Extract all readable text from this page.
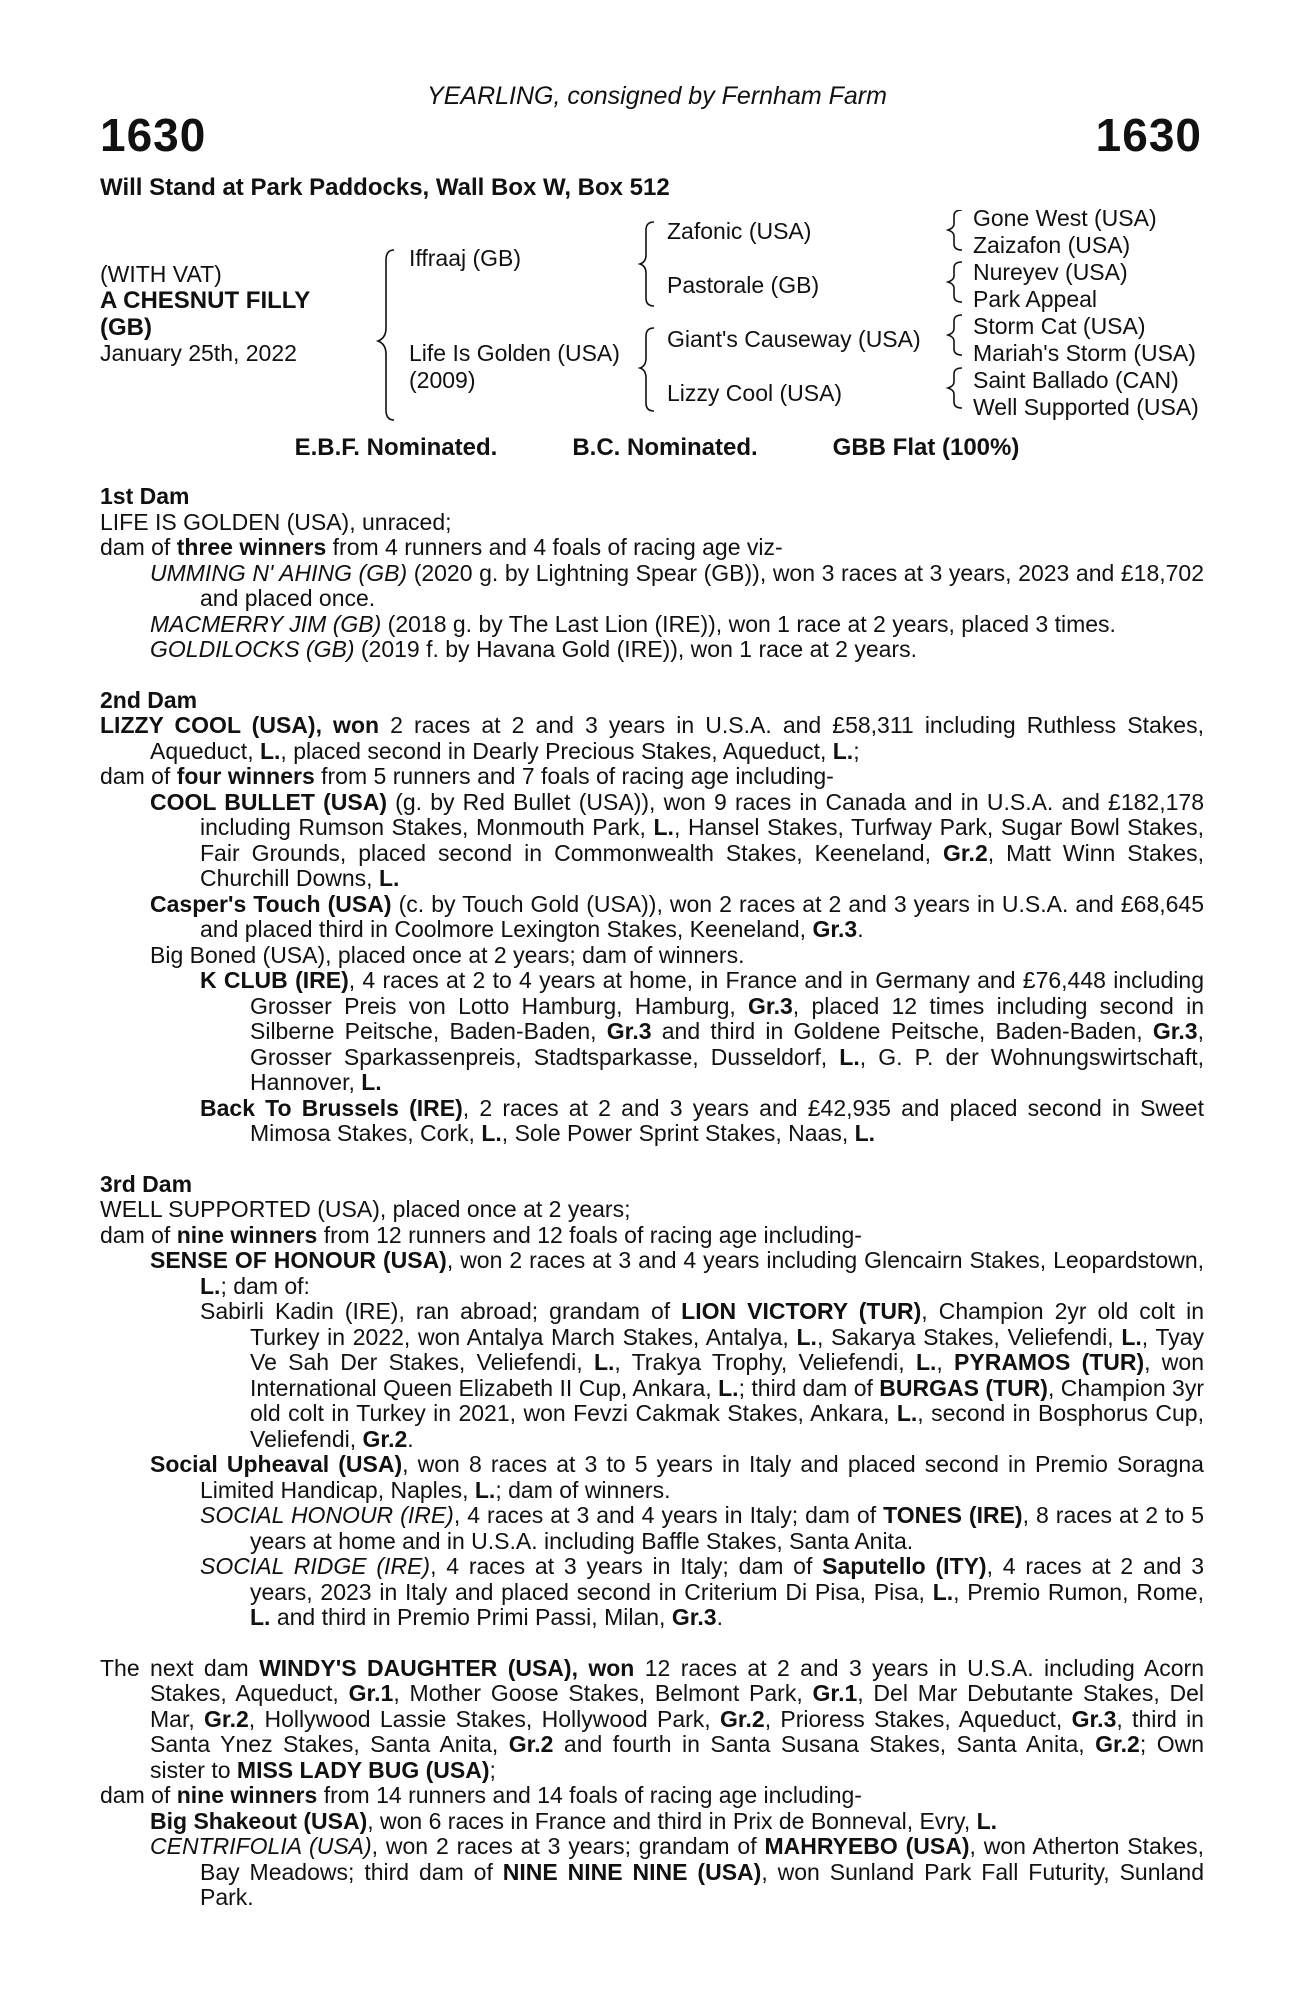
YEARLING, consigned by Fernham Farm
1630	1630
Will Stand at Park Paddocks, Wall Box W, Box 512
(WITH VAT)
A CHESNUT FILLY
(GB)
January 25th, 2022
Iffraaj (GB)
Life Is Golden (USA)
(2009)
Zafonic (USA)
Pastorale (GB)
Giant's Causeway (USA)
Lizzy Cool (USA)
Gone West (USA)
Zaizafon (USA)
Nureyev (USA)
Park Appeal
Storm Cat (USA)
Mariah's Storm (USA)
Saint Ballado (CAN)
Well Supported (USA)
E.B.F. Nominated.	B.C. Nominated.	GBB Flat (100%)

1st Dam

LIFE IS GOLDEN (USA), unraced;

dam of three winners from 4 runners and 4 foals of racing age viz-

UMMING N' AHING (GB) (2020 g. by Lightning Spear (GB)), won 3 races at 3 years, 2023 and £18,702 and placed once.

MACMERRY JIM (GB) (2018 g. by The Last Lion (IRE)), won 1 race at 2 years, placed 3 times.

GOLDILOCKS (GB) (2019 f. by Havana Gold (IRE)), won 1 race at 2 years.

2nd Dam

LIZZY COOL (USA), won 2 races at 2 and 3 years in U.S.A. and £58,311 including Ruthless Stakes, Aqueduct, L., placed second in Dearly Precious Stakes, Aqueduct, L.;

dam of four winners from 5 runners and 7 foals of racing age including-

COOL BULLET (USA) (g. by Red Bullet (USA)), won 9 races in Canada and in U.S.A. and £182,178 including Rumson Stakes, Monmouth Park, L., Hansel Stakes, Turfway Park, Sugar Bowl Stakes, Fair Grounds, placed second in Commonwealth Stakes, Keeneland, Gr.2, Matt Winn Stakes, Churchill Downs, L.

Casper's Touch (USA) (c. by Touch Gold (USA)), won 2 races at 2 and 3 years in U.S.A. and £68,645 and placed third in Coolmore Lexington Stakes, Keeneland, Gr.3.

Big Boned (USA), placed once at 2 years; dam of winners.

K CLUB (IRE), 4 races at 2 to 4 years at home, in France and in Germany and £76,448 including Grosser Preis von Lotto Hamburg, Hamburg, Gr.3, placed 12 times including second in Silberne Peitsche, Baden-Baden, Gr.3 and third in Goldene Peitsche, Baden-Baden, Gr.3, Grosser Sparkassenpreis, Stadtsparkasse, Dusseldorf, L., G. P. der Wohnungswirtschaft, Hannover, L.

Back To Brussels (IRE), 2 races at 2 and 3 years and £42,935 and placed second in Sweet Mimosa Stakes, Cork, L., Sole Power Sprint Stakes, Naas, L.

3rd Dam

WELL SUPPORTED (USA), placed once at 2 years;

dam of nine winners from 12 runners and 12 foals of racing age including-

SENSE OF HONOUR (USA), won 2 races at 3 and 4 years including Glencairn Stakes, Leopardstown, L.; dam of:

Sabirli Kadin (IRE), ran abroad; grandam of LION VICTORY (TUR), Champion 2yr old colt in Turkey in 2022, won Antalya March Stakes, Antalya, L., Sakarya Stakes, Veliefendi, L., Tyay Ve Sah Der Stakes, Veliefendi, L., Trakya Trophy, Veliefendi, L., PYRAMOS (TUR), won International Queen Elizabeth II Cup, Ankara, L.; third dam of BURGAS (TUR), Champion 3yr old colt in Turkey in 2021, won Fevzi Cakmak Stakes, Ankara, L., second in Bosphorus Cup, Veliefendi, Gr.2.

Social Upheaval (USA), won 8 races at 3 to 5 years in Italy and placed second in Premio Soragna Limited Handicap, Naples, L.; dam of winners.

SOCIAL HONOUR (IRE), 4 races at 3 and 4 years in Italy; dam of TONES (IRE), 8 races at 2 to 5 years at home and in U.S.A. including Baffle Stakes, Santa Anita.

SOCIAL RIDGE (IRE), 4 races at 3 years in Italy; dam of Saputello (ITY), 4 races at 2 and 3 years, 2023 in Italy and placed second in Criterium Di Pisa, Pisa, L., Premio Rumon, Rome, L. and third in Premio Primi Passi, Milan, Gr.3.

The next dam WINDY'S DAUGHTER (USA), won 12 races at 2 and 3 years in U.S.A. including Acorn Stakes, Aqueduct, Gr.1, Mother Goose Stakes, Belmont Park, Gr.1, Del Mar Debutante Stakes, Del Mar, Gr.2, Hollywood Lassie Stakes, Hollywood Park, Gr.2, Prioress Stakes, Aqueduct, Gr.3, third in Santa Ynez Stakes, Santa Anita, Gr.2 and fourth in Santa Susana Stakes, Santa Anita, Gr.2; Own sister to MISS LADY BUG (USA);

dam of nine winners from 14 runners and 14 foals of racing age including-

Big Shakeout (USA), won 6 races in France and third in Prix de Bonneval, Evry, L.

CENTRIFOLIA (USA), won 2 races at 3 years; grandam of MAHRYEBO (USA), won Atherton Stakes, Bay Meadows; third dam of NINE NINE NINE (USA), won Sunland Park Fall Futurity, Sunland Park.
